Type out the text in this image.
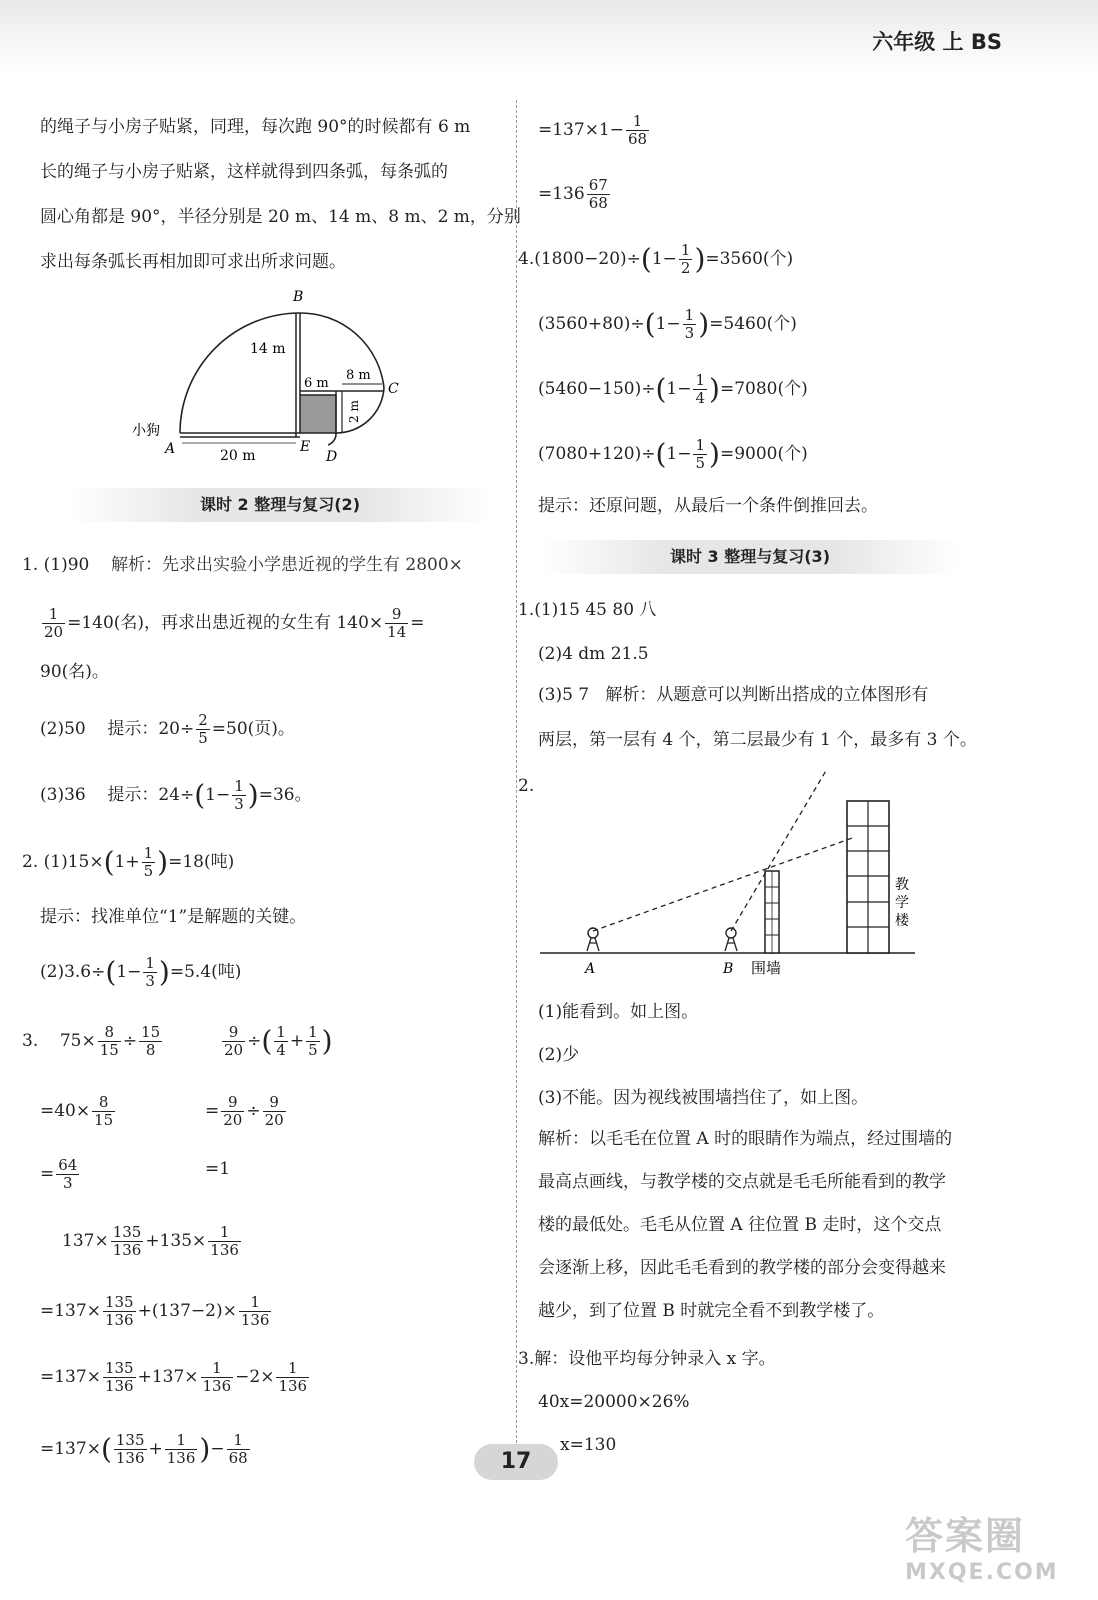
六年级 上 BS
的绳子与小房子贴紧，同理，每次跑 90°的时候都有 6 m
长的绳子与小房子贴紧，这样就得到四条弧，每条弧的
圆心角都是 90°，半径分别是 20 m、14 m、8 m、2 m，分别
求出每条弧长再相加即可求出所求问题。
B
C
A	E
D
小狗
14 m
6 m
8 m
2 m
20 m
课时 2 整理与复习(2)
1. (1)90 解析：先求出实验小学患近视的学生有 2800×
$\frac{1}{20} =140$(名)，再求出患近视的女生有 $140\times \frac{9}{14}$ =
90(名)。
(2)50 提示：$20\div \frac{2}{5} =50$(页)。
(3)36 提示：$24\div(1- \frac{1}{3} )=36$。
2. $(1)15\times(1+ \frac{1}{5} )=18$(吨)
提示：找准单位“1”是解题的关键。
$(2)3.6\div(1- \frac{1}{3} )=5.4$(吨)
3. $75\times \frac{8}{15} \div \frac{15}{8}$	$\frac{9}{20}$ ÷( $\frac{1}{4} + \frac{1}{5}$ )
$=40\times \frac{8}{15}$	= $\frac{9}{20} \div \frac{9}{20}$
= $\frac{64}{3}$	=1
$137\times \frac{135}{136} +135\times \frac{1}{136}$
$=137\times \frac{135}{136} +(137-2)\times \frac{1}{136}$
$=137\times \frac{135}{136} +137\times \frac{1}{136} -2\times \frac{1}{136}$
$=137\times( \frac{135}{136} + \frac{1}{136}$ )− $\frac{1}{68}$
$=137\times 1- \frac{1}{68}$
$=136 \frac{67}{68}$
$4.(1800-20)\div(1- \frac{1}{2} )=3560$(个)
$(3560+80)\div(1- \frac{1}{3} )=5460$(个)
$(5460-150)\div(1- \frac{1}{4} )=7080$(个)
$(7080+120)\div(1- \frac{1}{5} )=9000$(个)
提示：还原问题，从最后一个条件倒推回去。
课时 3 整理与复习(3)
1.(1)15 45 80 八
(2)4 dm 21.5
(3)5 7 解析：从题意可以判断出搭成的立体图形有
两层，第一层有 4 个，第二层最少有 1 个，最多有 3 个。
2.
A	B 围墙
教
学
楼
(1)能看到。如上图。
(2)少
(3)不能。因为视线被围墙挡住了，如上图。
解析：以毛毛在位置 A 时的眼睛作为端点，经过围墙的
最高点画线，与教学楼的交点就是毛毛所能看到的教学
楼的最低处。毛毛从位置 A 往位置 B 走时，这个交点
会逐渐上移，因此毛毛看到的教学楼的部分会变得越来
越少，到了位置 B 时就完全看不到教学楼了。
3.解：设他平均每分钟录入 x 字。
40x=20000×26%
x=130
17
答案圈
MXQE.COM
